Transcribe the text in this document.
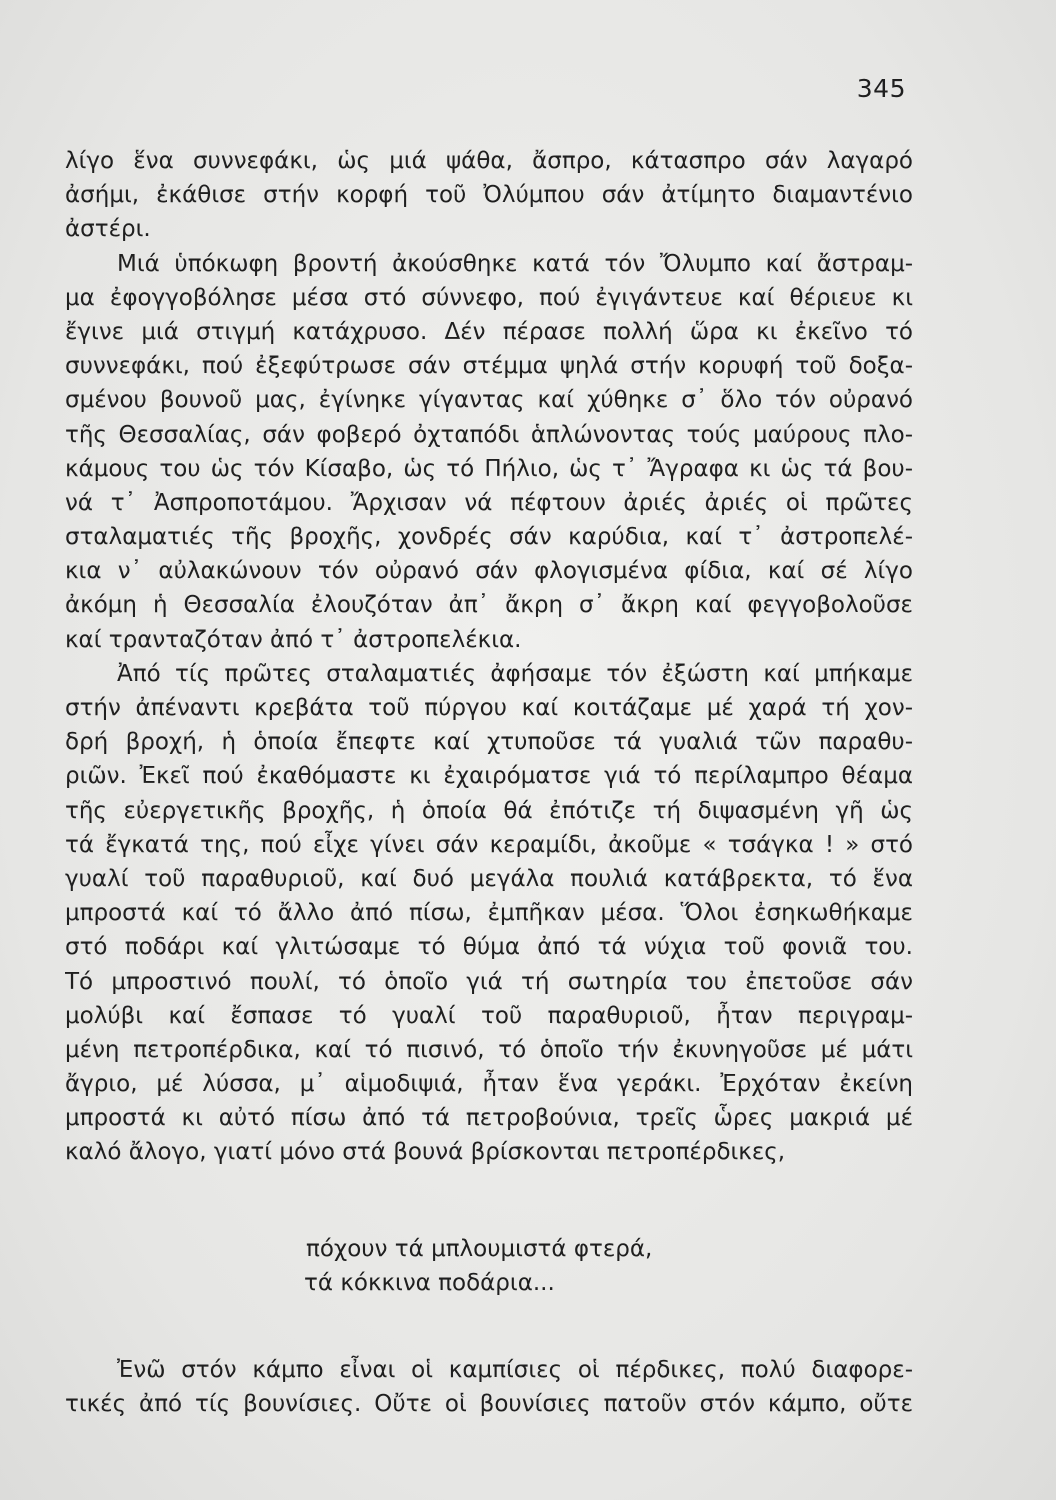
345
λίγο ἕνα συννεφάκι, ὡς μιά ψάθα, ἄσπρο, κάτασπρο σάν λαγαρό
ἀσήμι, ἐκάθισε στήν κορφή τοῦ Ὀλύμπου σάν ἀτίμητο διαμαντένιο
ἀστέρι.
Μιά ὑπόκωφη βροντή ἀκούσθηκε κατά τόν Ὄλυμπο καί ἄστραμ-
μα ἐφογγοβόλησε μέσα στό σύννεφο, πού ἐγιγάντευε καί θέριευε κι
ἔγινε μιά στιγμή κατάχρυσο. Δέν πέρασε πολλή ὥρα κι ἐκεῖνο τό
συννεφάκι, πού ἐξεφύτρωσε σάν στέμμα ψηλά στήν κορυφή τοῦ δοξα-
σμένου βουνοῦ μας, ἐγίνηκε γίγαντας καί χύθηκε σ᾽ ὅλο τόν οὐρανό
τῆς Θεσσαλίας, σάν φοβερό ὀχταπόδι ἁπλώνοντας τούς μαύρους πλο-
κάμους του ὡς τόν Κίσαβο, ὡς τό Πήλιο, ὡς τ᾽ Ἄγραφα κι ὡς τά βου-
νά τ᾽ Ἀσπροποτάμου. Ἄρχισαν νά πέφτουν ἀριές ἀριές οἱ πρῶτες
σταλαματιές τῆς βροχῆς, χονδρές σάν καρύδια, καί τ᾽ ἀστροπελέ-
κια ν᾽ αὐλακώνουν τόν οὐρανό σάν φλογισμένα φίδια, καί σέ λίγο
ἀκόμη ἡ Θεσσαλία ἐλουζόταν ἀπ᾽ ἄκρη σ᾽ ἄκρη καί φεγγοβολοῦσε
καί τρανταζόταν ἀπό τ᾽ ἀστροπελέκια.
Ἀπό τίς πρῶτες σταλαματιές ἀφήσαμε τόν ἐξώστη καί μπήκαμε
στήν ἀπέναντι κρεβάτα τοῦ πύργου καί κοιτάζαμε μέ χαρά τή χον-
δρή βροχή, ἡ ὁποία ἔπεφτε καί χτυποῦσε τά γυαλιά τῶν παραθυ-
ριῶν. Ἐκεῖ πού ἐκαθόμαστε κι ἐχαιρόματσε γιά τό περίλαμπρο θέαμα
τῆς εὐεργετικῆς βροχῆς, ἡ ὁποία θά ἐπότιζε τή διψασμένη γῆ ὡς
τά ἔγκατά της, πού εἶχε γίνει σάν κεραμίδι, ἀκοῦμε « τσάγκα ! » στό
γυαλί τοῦ παραθυριοῦ, καί δυό μεγάλα πουλιά κατάβρεκτα, τό ἕνα
μπροστά καί τό ἄλλο ἀπό πίσω, ἐμπῆκαν μέσα. Ὅλοι ἐσηκωθήκαμε
στό ποδάρι καί γλιτώσαμε τό θύμα ἀπό τά νύχια τοῦ φονιᾶ του.
Τό μπροστινό πουλί, τό ὁποῖο γιά τή σωτηρία του ἐπετοῦσε σάν
μολύβι καί ἔσπασε τό γυαλί τοῦ παραθυριοῦ, ἦταν περιγραμ-
μένη πετροπέρδικα, καί τό πισινό, τό ὁποῖο τήν ἐκυνηγοῦσε μέ μάτι
ἄγριο, μέ λύσσα, μ᾽ αἱμοδιψιά, ἦταν ἕνα γεράκι. Ἐρχόταν ἐκείνη
μπροστά κι αὐτό πίσω ἀπό τά πετροβούνια, τρεῖς ὧρες μακριά μέ
καλό ἄλογο, γιατί μόνο στά βουνά βρίσκονται πετροπέρδικες,
πόχουν τά μπλουμιστά φτερά,
τά κόκκινα ποδάρια...
Ἐνῶ στόν κάμπο εἶναι οἱ καμπίσιες οἱ πέρδικες, πολύ διαφορε-
τικές ἀπό τίς βουνίσιες. Οὔτε οἱ βουνίσιες πατοῦν στόν κάμπο, οὔτε
